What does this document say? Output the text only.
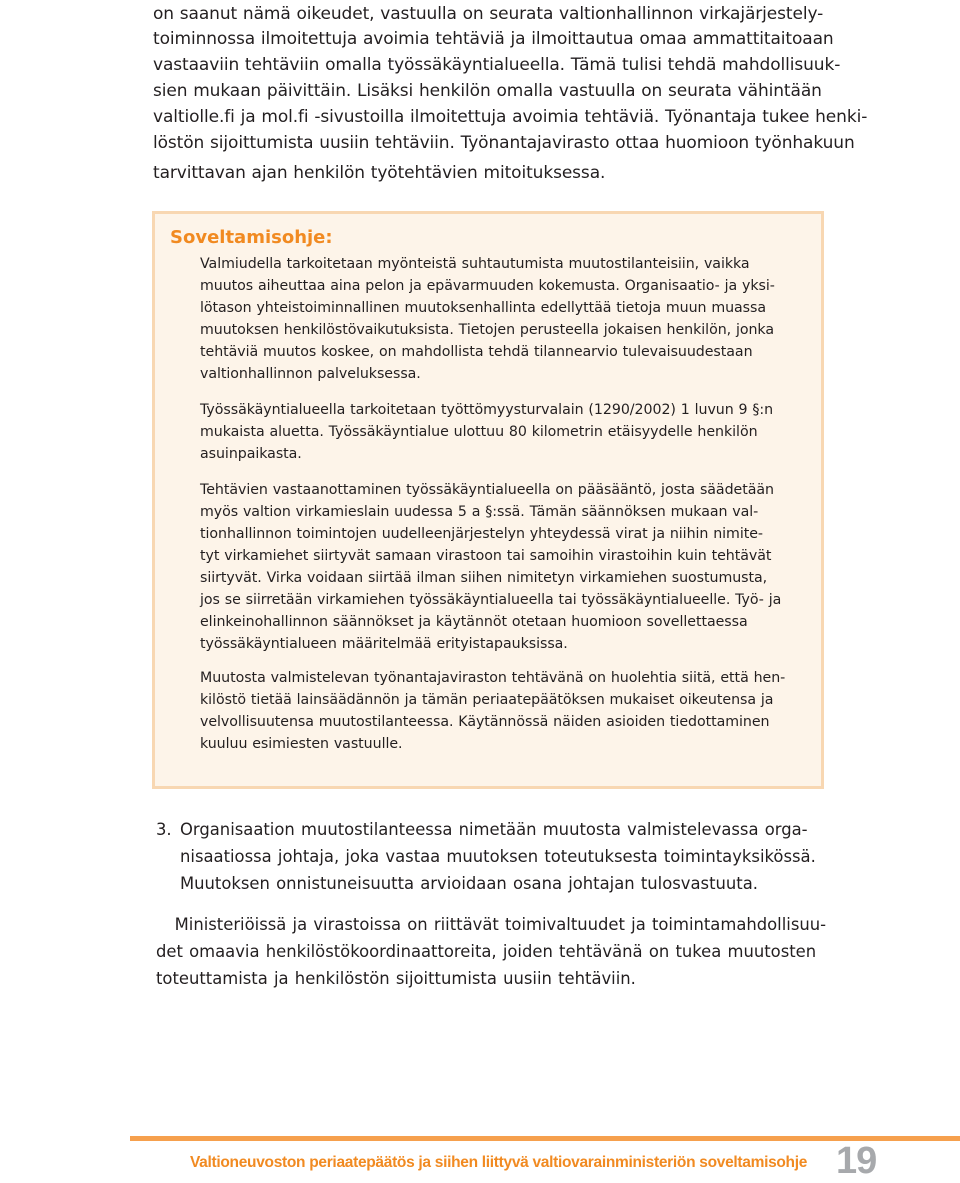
on saanut nämä oikeudet, vastuulla on seurata valtionhallinnon virkajärjestely-

toiminnossa ilmoitettuja avoimia tehtäviä ja ilmoittautua omaa ammattitaitoaan

vastaaviin tehtäviin omalla työssäkäyntialueella. Tämä tulisi tehdä mahdollisuuk-

sien mukaan päivittäin. Lisäksi henkilön omalla vastuulla on seurata vähintään

valtiolle.fi ja mol.fi -sivustoilla ilmoitettuja avoimia tehtäviä. Työnantaja tukee henki-

löstön sijoittumista uusiin tehtäviin. Työnantajavirasto ottaa huomioon työnhakuun

tarvittavan ajan henkilön työtehtävien mitoituksessa.

Soveltamisohje:

Valmiudella tarkoitetaan myönteistä suhtautumista muutostilanteisiin, vaikka

muutos aiheuttaa aina pelon ja epävarmuuden kokemusta. Organisaatio- ja yksi-

lötason yhteistoiminnallinen muutoksenhallinta edellyttää tietoja muun muassa

muutoksen henkilöstövaikutuksista. Tietojen perusteella jokaisen henkilön, jonka

tehtäviä muutos koskee, on mahdollista tehdä tilannearvio tulevaisuudestaan

valtionhallinnon palveluksessa.

Työssäkäyntialueella tarkoitetaan työttömyysturvalain (1290/2002) 1 luvun 9 §:n

mukaista aluetta. Työssäkäyntialue ulottuu 80 kilometrin etäisyydelle henkilön

asuinpaikasta.

Tehtävien vastaanottaminen työssäkäyntialueella on pääsääntö, josta säädetään

myös valtion virkamieslain uudessa 5 a §:ssä. Tämän säännöksen mukaan val-

tionhallinnon toimintojen uudelleenjärjestelyn yhteydessä virat ja niihin nimite-

tyt virkamiehet siirtyvät samaan virastoon tai samoihin virastoihin kuin tehtävät

siirtyvät. Virka voidaan siirtää ilman siihen nimitetyn virkamiehen suostumusta,

jos se siirretään virkamiehen työssäkäyntialueella tai työssäkäyntialueelle. Työ- ja

elinkeinohallinnon säännökset ja käytännöt otetaan huomioon sovellettaessa

työssäkäyntialueen määritelmää erityistapauksissa.

Muutosta valmistelevan työnantajaviraston tehtävänä on huolehtia siitä, että hen-

kilöstö tietää lainsäädännön ja tämän periaatepäätöksen mukaiset oikeutensa ja

velvollisuutensa muutostilanteessa. Käytännössä näiden asioiden tiedottaminen

kuuluu esimiesten vastuulle.

3. Organisaation muutostilanteessa nimetään muutosta valmistelevassa orga-

nisaatiossa johtaja, joka vastaa muutoksen toteutuksesta toimintayksikössä.

Muutoksen onnistuneisuutta arvioidaan osana johtajan tulosvastuuta.

Ministeriöissä ja virastoissa on riittävät toimivaltuudet ja toimintamahdollisuu-

det omaavia henkilöstökoordinaattoreita, joiden tehtävänä on tukea muutosten

toteuttamista ja henkilöstön sijoittumista uusiin tehtäviin.

Valtioneuvoston periaatepäätös ja siihen liittyvä valtiovarainministeriön soveltamisohje 19
